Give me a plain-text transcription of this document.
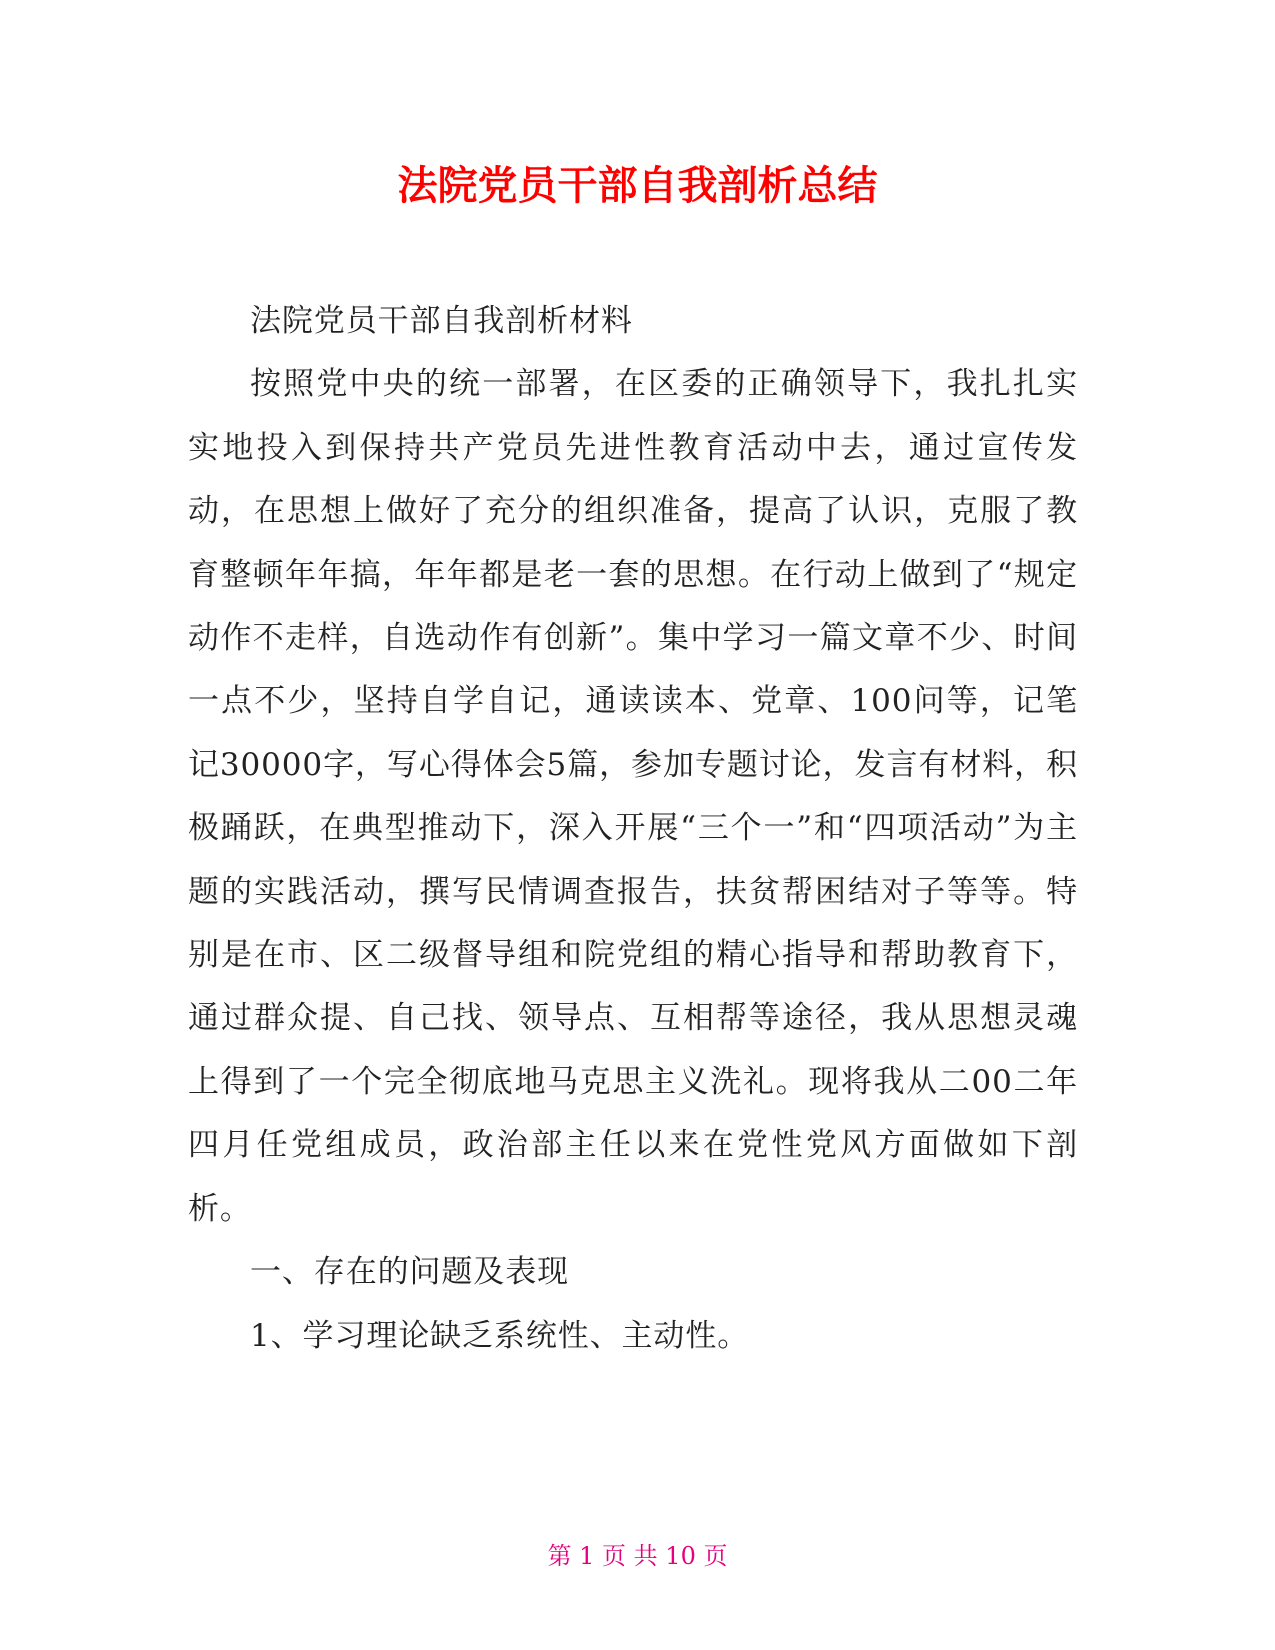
法院党员干部自我剖析总结

法院党员干部自我剖析材料

按照党中央的统一部署，在区委的正确领导下，我扎扎实实地投入到保持共产党员先进性教育活动中去，通过宣传发动，在思想上做好了充分的组织准备，提高了认识，克服了教育整顿年年搞，年年都是老一套的思想。在行动上做到了“规定动作不走样，自选动作有创新”。集中学习一篇文章不少、时间一点不少，坚持自学自记，通读读本、党章、100问等，记笔记30000字，写心得体会5篇，参加专题讨论，发言有材料，积极踊跃，在典型推动下，深入开展“三个一”和“四项活动”为主题的实践活动，撰写民情调查报告，扶贫帮困结对子等等。特别是在市、区二级督导组和院党组的精心指导和帮助教育下，通过群众提、自己找、领导点、互相帮等途径，我从思想灵魂上得到了一个完全彻底地马克思主义洗礼。现将我从二00二年四月任党组成员，政治部主任以来在党性党风方面做如下剖析。

一、存在的问题及表现

1、学习理论缺乏系统性、主动性。

第 1 页 共 10 页
